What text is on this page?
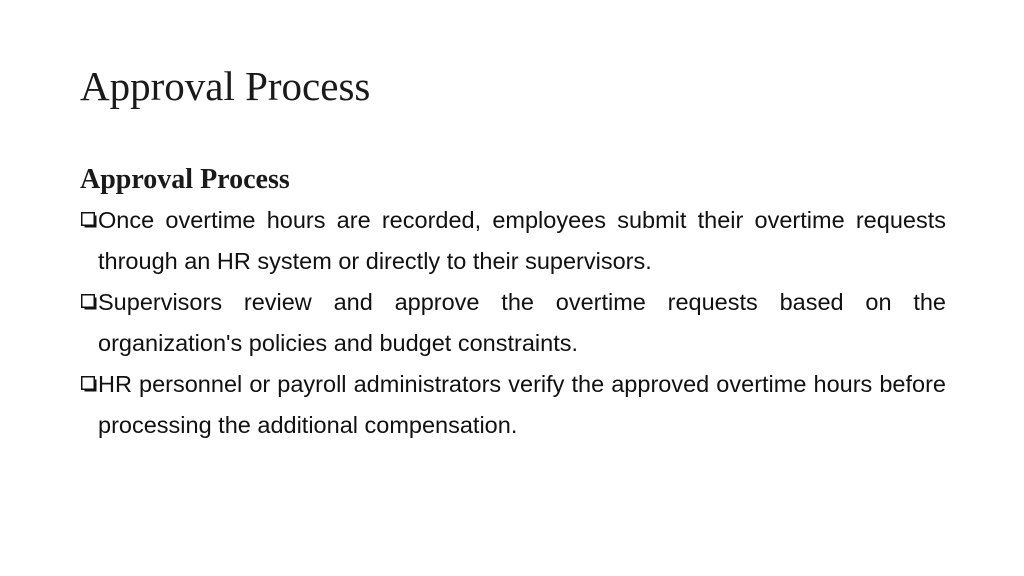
Approval Process
Approval Process
Once overtime hours are recorded, employees submit their overtime requests through an HR system or directly to their supervisors.
Supervisors review and approve the overtime requests based on the organization's policies and budget constraints.
HR personnel or payroll administrators verify the approved overtime hours before processing the additional compensation.
